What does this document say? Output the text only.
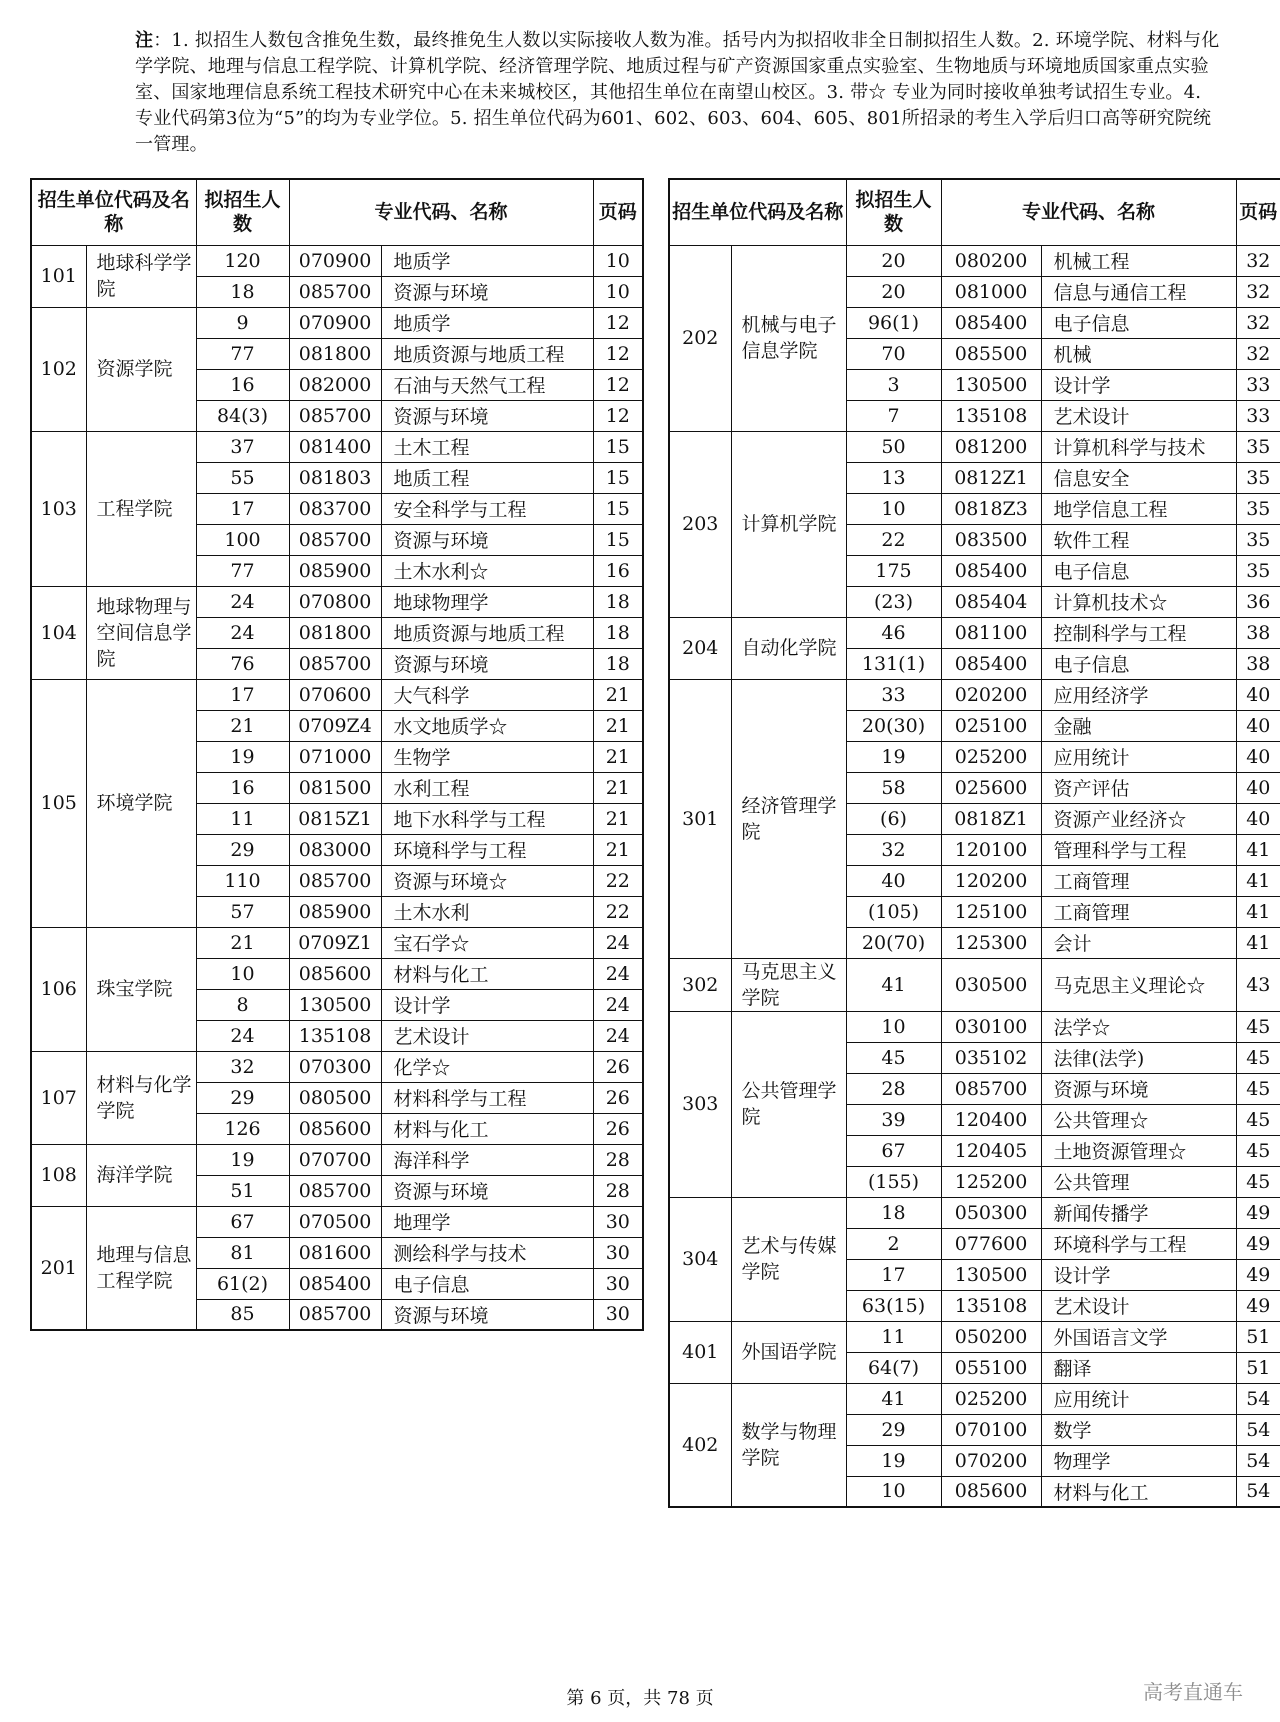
注：1. 拟招生人数包含推免生数，最终推免生人数以实际接收人数为准。括号内为拟招收非全日制拟招生人数。2. 环境学院、材料与化学学院、地理与信息工程学院、计算机学院、经济管理学院、地质过程与矿产资源国家重点实验室、生物地质与环境地质国家重点实验室、国家地理信息系统工程技术研究中心在未来城校区，其他招生单位在南望山校区。3. 带☆ 专业为同时接收单独考试招生专业。4. 专业代码第3位为“5”的均为专业学位。5. 招生单位代码为601、602、603、604、605、801所招录的考生入学后归口高等研究院统一管理。
招生单位代码及名称		拟招生人数	专业代码、名称		页码
101	地球科学学院	120	070900	地质学	10
		18	085700	资源与环境	10
102	资源学院	9	070900	地质学	12
		77	081800	地质资源与地质工程	12
		16	082000	石油与天然气工程	12
		84(3)	085700	资源与环境	12
103	工程学院	37	081400	土木工程	15
		55	081803	地质工程	15
		17	083700	安全科学与工程	15
		100	085700	资源与环境	15
		77	085900	土木水利☆	16
104	地球物理与空间信息学院	24	070800	地球物理学	18
		24	081800	地质资源与地质工程	18
		76	085700	资源与环境	18
105	环境学院	17	070600	大气科学	21
		21	0709Z4	水文地质学☆	21
		19	071000	生物学	21
		16	081500	水利工程	21
		11	0815Z1	地下水科学与工程	21
		29	083000	环境科学与工程	21
		110	085700	资源与环境☆	22
		57	085900	土木水利	22
106	珠宝学院	21	0709Z1	宝石学☆	24
		10	085600	材料与化工	24
		8	130500	设计学	24
		24	135108	艺术设计	24
107	材料与化学学院	32	070300	化学☆	26
		29	080500	材料科学与工程	26
		126	085600	材料与化工	26
108	海洋学院	19	070700	海洋科学	28
		51	085700	资源与环境	28
201	地理与信息工程学院	67	070500	地理学	30
		81	081600	测绘科学与技术	30
		61(2)	085400	电子信息	30
		85	085700	资源与环境	30
招生单位代码及名称		拟招生人数	专业代码、名称		页码
202	机械与电子信息学院	20	080200	机械工程	32
		20	081000	信息与通信工程	32
		96(1)	085400	电子信息	32
		70	085500	机械	32
		3	130500	设计学	33
		7	135108	艺术设计	33
203	计算机学院	50	081200	计算机科学与技术	35
		13	0812Z1	信息安全	35
		10	0818Z3	地学信息工程	35
		22	083500	软件工程	35
		175	085400	电子信息	35
		(23)	085404	计算机技术☆	36
204	自动化学院	46	081100	控制科学与工程	38
		131(1)	085400	电子信息	38
301	经济管理学院	33	020200	应用经济学	40
		20(30)	025100	金融	40
		19	025200	应用统计	40
		58	025600	资产评估	40
		(6)	0818Z1	资源产业经济☆	40
		32	120100	管理科学与工程	41
		40	120200	工商管理	41
		(105)	125100	工商管理	41
		20(70)	125300	会计	41
302	马克思主义学院	41	030500	马克思主义理论☆	43
303	公共管理学院	10	030100	法学☆	45
		45	035102	法律(法学)	45
		28	085700	资源与环境	45
		39	120400	公共管理☆	45
		67	120405	土地资源管理☆	45
		(155)	125200	公共管理	45
304	艺术与传媒学院	18	050300	新闻传播学	49
		2	077600	环境科学与工程	49
		17	130500	设计学	49
		63(15)	135108	艺术设计	49
401	外国语学院	11	050200	外国语言文学	51
		64(7)	055100	翻译	51
402	数学与物理学院	41	025200	应用统计	54
		29	070100	数学	54
		19	070200	物理学	54
		10	085600	材料与化工	54
第 6 页，共 78 页	高考直通车
